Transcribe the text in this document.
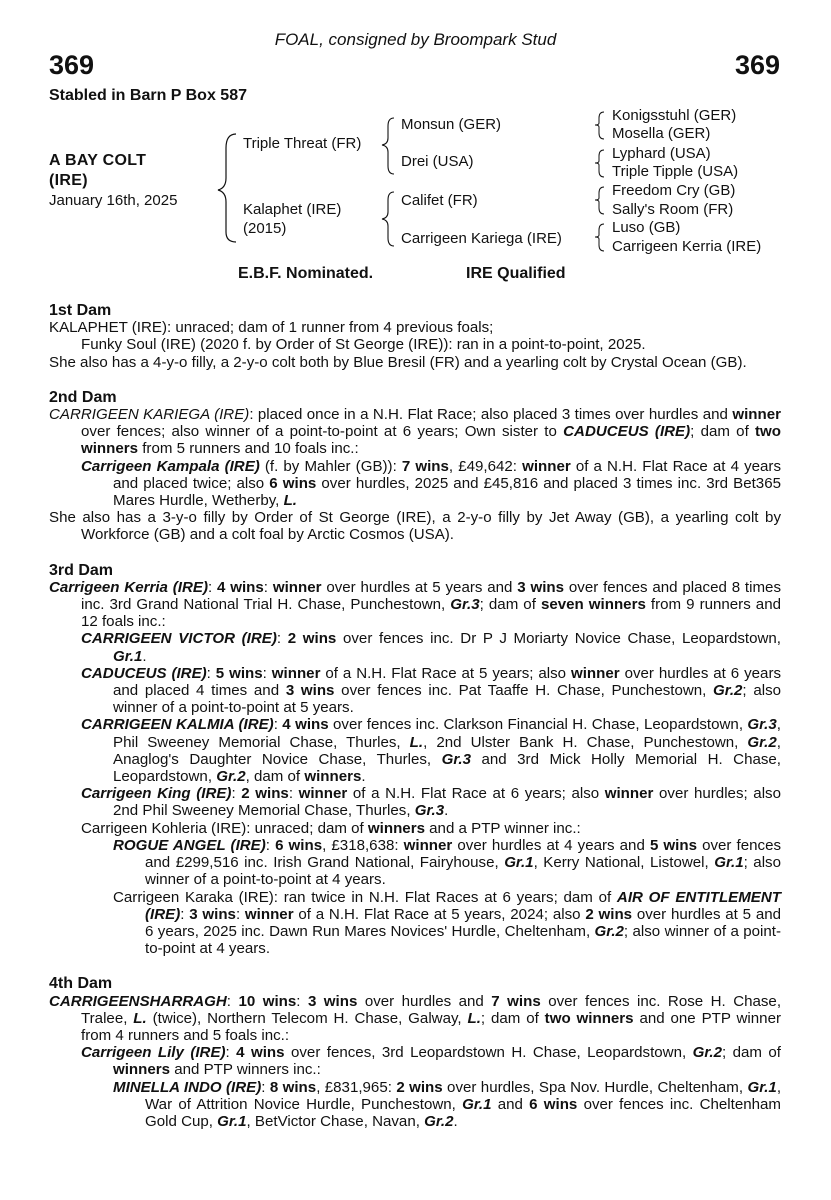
FOAL, consigned by Broompark Stud
369	369
Stabled in Barn P Box 587
A BAY COLT
(IRE)
January 16th, 2025
Triple Threat (FR)
Kalaphet (IRE)
(2015)
Monsun (GER)
Drei (USA)
Califet (FR)
Carrigeen Kariega (IRE)
Konigsstuhl (GER)
Mosella (GER)
Lyphard (USA)
Triple Tipple (USA)
Freedom Cry (GB)
Sally's Room (FR)
Luso (GB)
Carrigeen Kerria (IRE)
E.B.F. Nominated.	IRE Qualified

1st Dam

KALAPHET (IRE): unraced; dam of 1 runner from 4 previous foals;

Funky Soul (IRE) (2020 f. by Order of St George (IRE)): ran in a point-to-point, 2025.

She also has a 4-y-o filly, a 2-y-o colt both by Blue Bresil (FR) and a yearling colt by Crystal Ocean (GB).

2nd Dam

CARRIGEEN KARIEGA (IRE): placed once in a N.H. Flat Race; also placed 3 times over hurdles and winner over fences; also winner of a point-to-point at 6 years; Own sister to CADUCEUS (IRE); dam of two winners from 5 runners and 10 foals inc.:

Carrigeen Kampala (IRE) (f. by Mahler (GB)): 7 wins, £49,642: winner of a N.H. Flat Race at 4 years and placed twice; also 6 wins over hurdles, 2025 and £45,816 and placed 3 times inc. 3rd Bet365 Mares Hurdle, Wetherby, L.

She also has a 3-y-o filly by Order of St George (IRE), a 2-y-o filly by Jet Away (GB), a yearling colt by Workforce (GB) and a colt foal by Arctic Cosmos (USA).

3rd Dam

Carrigeen Kerria (IRE): 4 wins: winner over hurdles at 5 years and 3 wins over fences and placed 8 times inc. 3rd Grand National Trial H. Chase, Punchestown, Gr.3; dam of seven winners from 9 runners and 12 foals inc.:

CARRIGEEN VICTOR (IRE): 2 wins over fences inc. Dr P J Moriarty Novice Chase, Leopardstown, Gr.1.

CADUCEUS (IRE): 5 wins: winner of a N.H. Flat Race at 5 years; also winner over hurdles at 6 years and placed 4 times and 3 wins over fences inc. Pat Taaffe H. Chase, Punchestown, Gr.2; also winner of a point-to-point at 5 years.

CARRIGEEN KALMIA (IRE): 4 wins over fences inc. Clarkson Financial H. Chase, Leopardstown, Gr.3, Phil Sweeney Memorial Chase, Thurles, L., 2nd Ulster Bank H. Chase, Punchestown, Gr.2, Anaglog's Daughter Novice Chase, Thurles, Gr.3 and 3rd Mick Holly Memorial H. Chase, Leopardstown, Gr.2, dam of winners.

Carrigeen King (IRE): 2 wins: winner of a N.H. Flat Race at 6 years; also winner over hurdles; also 2nd Phil Sweeney Memorial Chase, Thurles, Gr.3.

Carrigeen Kohleria (IRE): unraced; dam of winners and a PTP winner inc.:

ROGUE ANGEL (IRE): 6 wins, £318,638: winner over hurdles at 4 years and 5 wins over fences and £299,516 inc. Irish Grand National, Fairyhouse, Gr.1, Kerry National, Listowel, Gr.1; also winner of a point-to-point at 4 years.

Carrigeen Karaka (IRE): ran twice in N.H. Flat Races at 6 years; dam of AIR OF ENTITLEMENT (IRE): 3 wins: winner of a N.H. Flat Race at 5 years, 2024; also 2 wins over hurdles at 5 and 6 years, 2025 inc. Dawn Run Mares Novices' Hurdle, Cheltenham, Gr.2; also winner of a point-to-point at 4 years.

4th Dam

CARRIGEENSHARRAGH: 10 wins: 3 wins over hurdles and 7 wins over fences inc. Rose H. Chase, Tralee, L. (twice), Northern Telecom H. Chase, Galway, L.; dam of two winners and one PTP winner from 4 runners and 5 foals inc.:

Carrigeen Lily (IRE): 4 wins over fences, 3rd Leopardstown H. Chase, Leopardstown, Gr.2; dam of winners and PTP winners inc.:

MINELLA INDO (IRE): 8 wins, £831,965: 2 wins over hurdles, Spa Nov. Hurdle, Cheltenham, Gr.1, War of Attrition Novice Hurdle, Punchestown, Gr.1 and 6 wins over fences inc. Cheltenham Gold Cup, Gr.1, BetVictor Chase, Navan, Gr.2.
